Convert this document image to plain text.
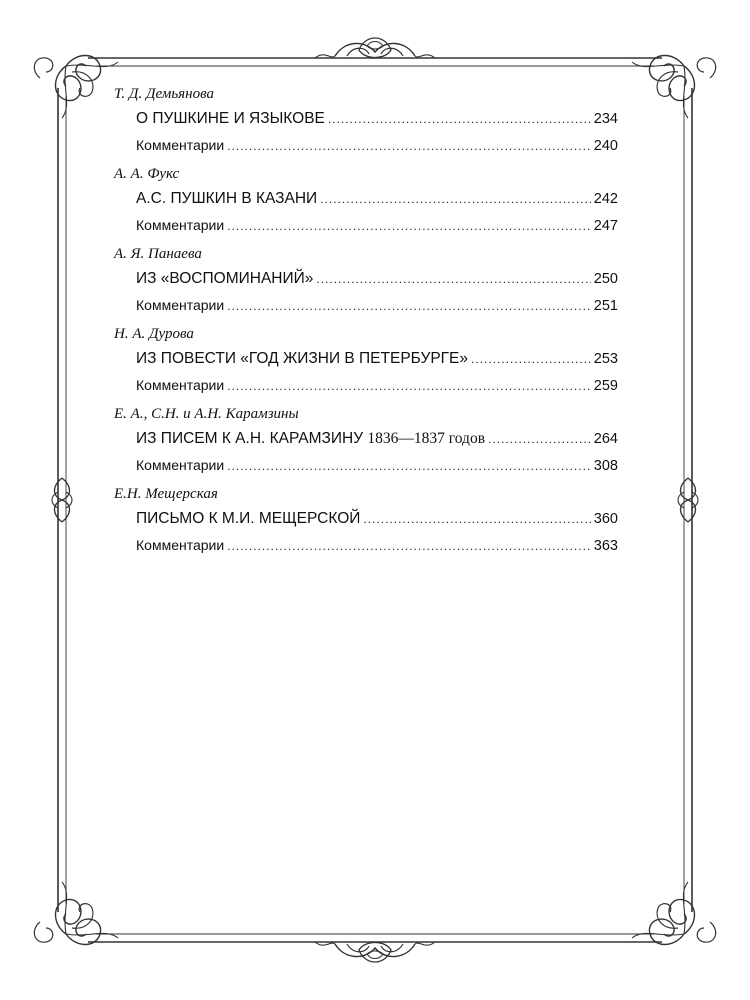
Т. Д. Демьянова
О ПУШКИНЕ И ЯЗЫКОВЕ .....	234
Комментарии .....	240
А. А. Фукс
А.С. ПУШКИН В КАЗАНИ .....	242
Комментарии .....	247
А. Я. Панаева
ИЗ «ВОСПОМИНАНИЙ» .....	250
Комментарии .....	251
Н. А. Дурова
ИЗ ПОВЕСТИ «ГОД ЖИЗНИ В ПЕТЕРБУРГЕ» .....	253
Комментарии .....	259
Е. А., С.Н. и А.Н. Карамзины
ИЗ ПИСЕМ К А.Н. КАРАМЗИНУ 1836—1837 годов .....	264
Комментарии .....	308
Е.Н. Мещерская
ПИСЬМО К М.И. МЕЩЕРСКОЙ .....	360
Комментарии .....	363
